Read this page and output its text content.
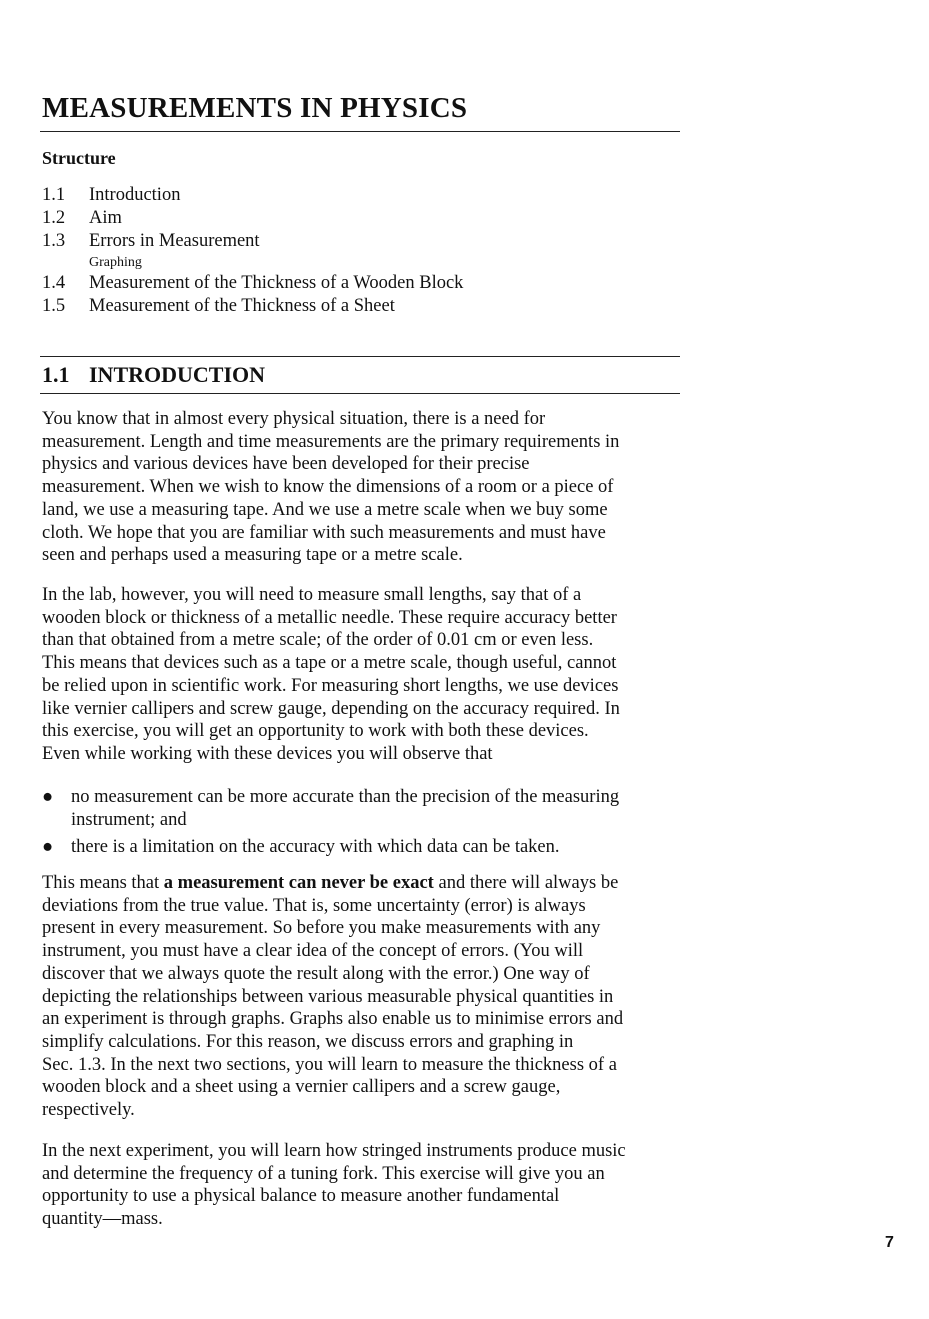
MEASUREMENTS IN PHYSICS
Structure
1.1 Introduction
1.2 Aim
1.3 Errors in Measurement
Graphing
1.4 Measurement of the Thickness of a Wooden Block
1.5 Measurement of the Thickness of a Sheet
1.1 INTRODUCTION
You know that in almost every physical situation, there is a need for
measurement. Length and time measurements are the primary requirements in
physics and various devices have been developed for their precise
measurement. When we wish to know the dimensions of a room or a piece of
land, we use a measuring tape. And we use a metre scale when we buy some
cloth. We hope that you are familiar with such measurements and must have
seen and perhaps used a measuring tape or a metre scale.
In the lab, however, you will need to measure small lengths, say that of a
wooden block or thickness of a metallic needle. These require accuracy better
than that obtained from a metre scale; of the order of 0.01 cm or even less.
This means that devices such as a tape or a metre scale, though useful, cannot
be relied upon in scientific work. For measuring short lengths, we use devices
like vernier callipers and screw gauge, depending on the accuracy required. In
this exercise, you will get an opportunity to work with both these devices.
Even while working with these devices you will observe that
● no measurement can be more accurate than the precision of the measuring
instrument; and
● there is a limitation on the accuracy with which data can be taken.
This means that a measurement can never be exact and there will always be
deviations from the true value. That is, some uncertainty (error) is always
present in every measurement. So before you make measurements with any
instrument, you must have a clear idea of the concept of errors. (You will
discover that we always quote the result along with the error.) One way of
depicting the relationships between various measurable physical quantities in
an experiment is through graphs. Graphs also enable us to minimise errors and
simplify calculations. For this reason, we discuss errors and graphing in
Sec. 1.3. In the next two sections, you will learn to measure the thickness of a
wooden block and a sheet using a vernier callipers and a screw gauge,
respectively.
In the next experiment, you will learn how stringed instruments produce music
and determine the frequency of a tuning fork. This exercise will give you an
opportunity to use a physical balance to measure another fundamental
quantity—mass.
7
